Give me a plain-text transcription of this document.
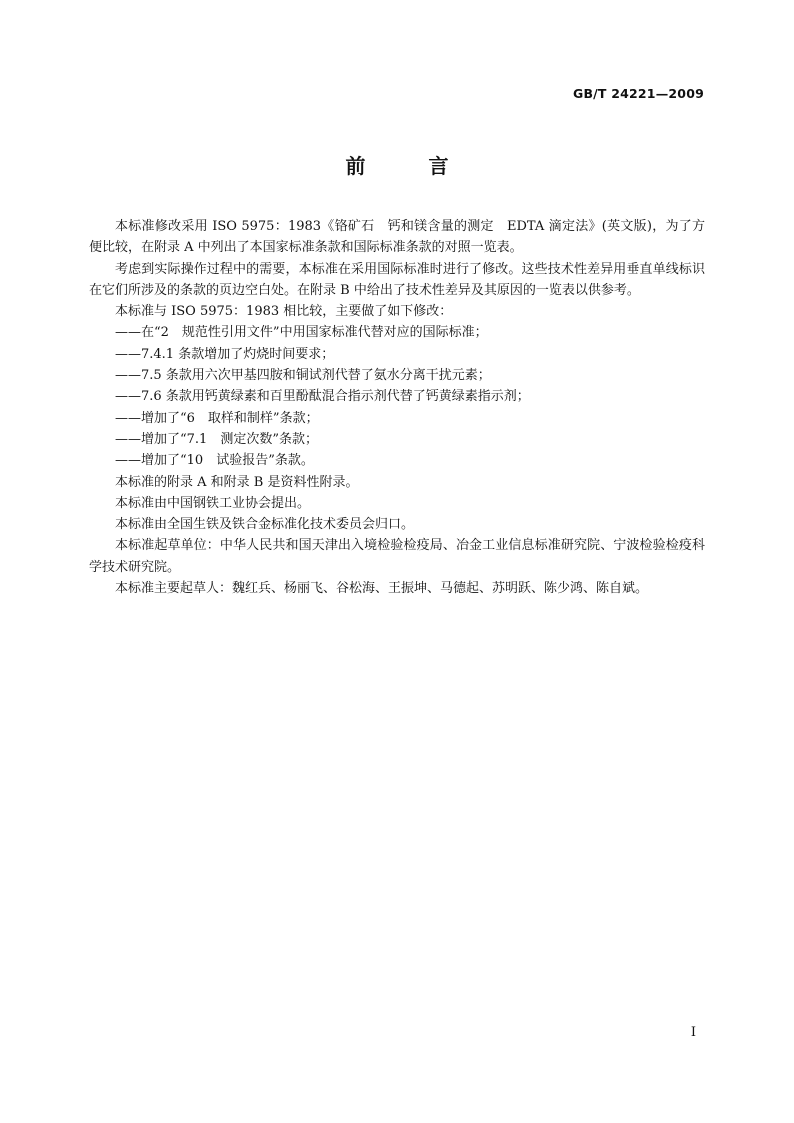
GB/T 24221—2009
前 言

本标准修改采用 ISO 5975：1983《铬矿石　钙和镁含量的测定　EDTA 滴定法》(英文版)，为了方便比较，在附录 A 中列出了本国家标准条款和国际标准条款的对照一览表。

考虑到实际操作过程中的需要，本标准在采用国际标准时进行了修改。这些技术性差异用垂直单线标识在它们所涉及的条款的页边空白处。在附录 B 中给出了技术性差异及其原因的一览表以供参考。

本标准与 ISO 5975：1983 相比较，主要做了如下修改：

——在“2　规范性引用文件”中用国家标准代替对应的国际标准；

——7.4.1 条款增加了灼烧时间要求；

——7.5 条款用六次甲基四胺和铜试剂代替了氨水分离干扰元素；

——7.6 条款用钙黄绿素和百里酚酞混合指示剂代替了钙黄绿素指示剂；

——增加了“6　取样和制样”条款；

——增加了“7.1　测定次数”条款；

——增加了“10　试验报告”条款。

本标准的附录 A 和附录 B 是资料性附录。

本标准由中国钢铁工业协会提出。

本标准由全国生铁及铁合金标准化技术委员会归口。

本标准起草单位：中华人民共和国天津出入境检验检疫局、冶金工业信息标准研究院、宁波检验检疫科学技术研究院。

本标准主要起草人：魏红兵、杨丽飞、谷松海、王振坤、马德起、苏明跃、陈少鸿、陈自斌。

I
